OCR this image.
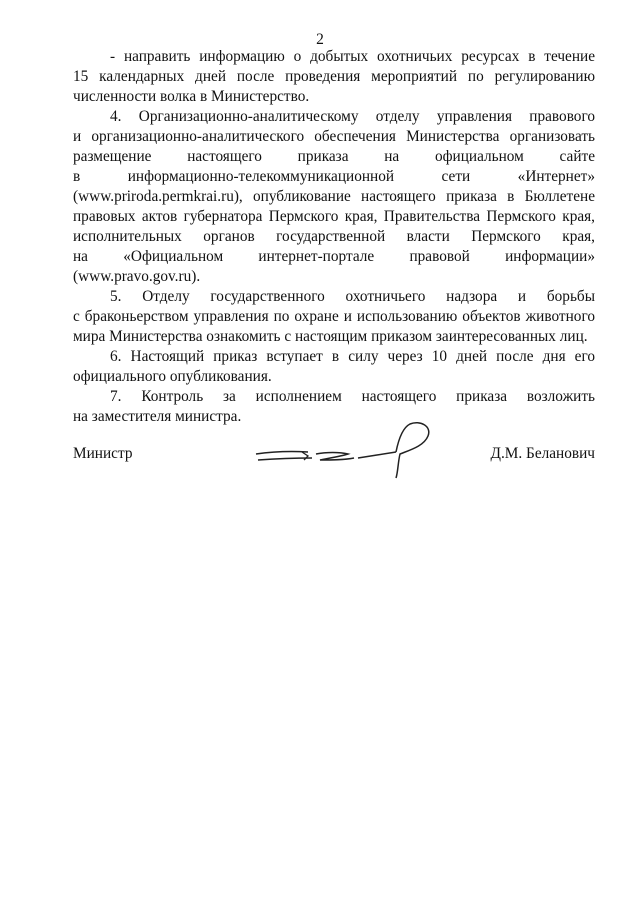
2

- направить информацию о добытых охотничьих ресурсах в течение
15 календарных дней после проведения мероприятий по регулированию
численности волка в Министерство.

4. Организационно-аналитическому отделу управления правового
и организационно-аналитического обеспечения Министерства организовать
размещение настоящего приказа на официальном сайте
в информационно-телекоммуникационной сети «Интернет»
(www.priroda.permkrai.ru), опубликование настоящего приказа в Бюллетене
правовых актов губернатора Пермского края, Правительства Пермского края,
исполнительных органов государственной власти Пермского края,
на «Официальном интернет-портале правовой информации» (www.pravo.gov.ru).

5. Отделу государственного охотничьего надзора и борьбы
с браконьерством управления по охране и использованию объектов животного
мира Министерства ознакомить с настоящим приказом заинтересованных лиц.

6. Настоящий приказ вступает в силу через 10 дней после дня его
официального опубликования.

7. Контроль за исполнением настоящего приказа возложить
на заместителя министра.

Министр	Д.М. Беланович
